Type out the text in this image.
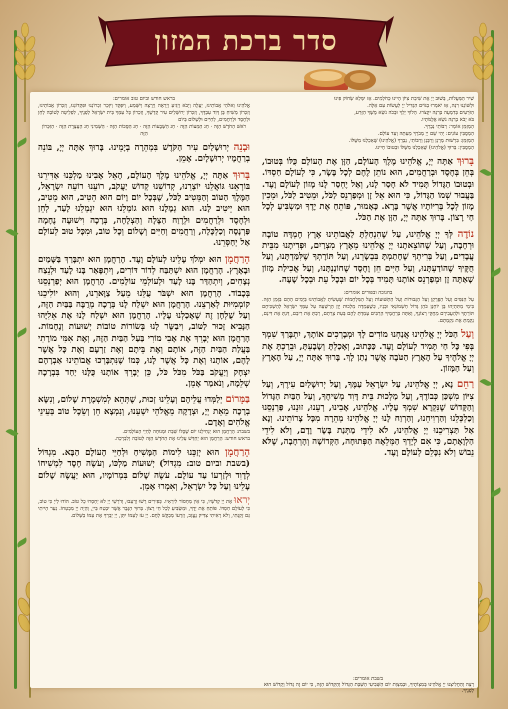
סדר ברכת המזון
שִׁיר הַמַּעֲלוֹת, בְּשׁוּב יְיָ אֶת שִׁיבַת צִיּוֹן הָיִינוּ כְּחֹלְמִים. אָז יִמָּלֵא שְׂחוֹק פִּינוּ
וּלְשׁוֹנֵנוּ רִנָּה, אָז יֹאמְרוּ בַגּוֹיִם הִגְדִּיל יְיָ לַעֲשׂוֹת עִם אֵלֶּה.
הַזֹּרְעִים בְּדִמְעָה בְּרִנָּה יִקְצֹרוּ. הָלוֹךְ יֵלֵךְ וּבָכֹה נֹשֵׂא מֶשֶׁךְ הַזָּרַע,
בֹּא יָבֹא בְרִנָּה נֹשֵׂא אֲלֻמֹּתָיו.
הַמְזַמֵּן אוֹמֵר: רַבּוֹתַי נְבָרֵךְ.
הַמְסֻבִּין עוֹנִים: יְהִי שֵׁם יְיָ מְבֹרָךְ מֵעַתָּה וְעַד עוֹלָם.
הַמְזַמֵּן: בִּרְשׁוּת מָרָנָן וְרַבָּנָן וְרַבּוֹתַי, נְבָרֵךְ (אֱלֹהֵינוּ) שֶׁאָכַלְנוּ מִשֶּׁלּוֹ.
הַמְסֻבִּין: בָּרוּךְ (אֱלֹהֵינוּ) שֶׁאָכַלְנוּ מִשֶּׁלּוֹ וּבְטוּבוֹ חָיִינוּ.
בָּרוּךְ אַתָּה יְיָ, אֱלֹהֵינוּ מֶלֶךְ הָעוֹלָם, הַזָּן אֶת הָעוֹלָם כֻּלּוֹ בְּטוּבוֹ, בְּחֵן בְּחֶסֶד וּבְרַחֲמִים, הוּא נוֹתֵן לֶחֶם לְכָל בָּשָׂר, כִּי לְעוֹלָם חַסְדּוֹ. וּבְטוּבוֹ הַגָּדוֹל תָּמִיד לֹא חָסַר לָנוּ, וְאַל יֶחְסַר לָנוּ מָזוֹן לְעוֹלָם וָעֶד. בַּעֲבוּר שְׁמוֹ הַגָּדוֹל, כִּי הוּא אֵל זָן וּמְפַרְנֵס לַכֹּל, וּמֵטִיב לַכֹּל, וּמֵכִין מָזוֹן לְכָל בְּרִיּוֹתָיו אֲשֶׁר בָּרָא. כָּאָמוּר, פּוֹתֵחַ אֶת יָדֶךָ וּמַשְׂבִּיעַ לְכָל חַי רָצוֹן. בָּרוּךְ אַתָּה יְיָ, הַזָּן אֶת הַכֹּל.
נוֹדֶה לְּךָ יְיָ אֱלֹהֵינוּ, עַל שֶׁהִנְחַלְתָּ לַאֲבוֹתֵינוּ אֶרֶץ חֶמְדָּה טוֹבָה וּרְחָבָה, וְעַל שֶׁהוֹצֵאתָנוּ יְיָ אֱלֹהֵינוּ מֵאֶרֶץ מִצְרַיִם, וּפְדִיתָנוּ מִבֵּית עֲבָדִים, וְעַל בְּרִיתְךָ שֶׁחָתַמְתָּ בִּבְשָׂרֵנוּ, וְעַל תּוֹרָתְךָ שֶׁלִּמַּדְתָּנוּ, וְעַל חֻקֶּיךָ שֶׁהוֹדַעְתָּנוּ, וְעַל חַיִּים חֵן וָחֶסֶד שֶׁחוֹנַנְתָּנוּ, וְעַל אֲכִילַת מָזוֹן שָׁאַתָּה זָן וּמְפַרְנֵס אוֹתָנוּ תָּמִיד בְּכָל יוֹם וּבְכָל עֵת וּבְכָל שָׁעָה.
בחנוכה ובפורים אומרים:
עַל הַנִּסִּים וְעַל הַפֻּרְקָן וְעַל הַגְּבוּרוֹת וְעַל הַתְּשׁוּעוֹת וְעַל הַמִּלְחָמוֹת שֶׁעָשִׂיתָ לַאֲבוֹתֵינוּ בַּיָּמִים הָהֵם בַּזְּמַן הַזֶּה. בִּימֵי מַתִּתְיָהוּ בֶּן יוֹחָנָן כֹּהֵן גָּדוֹל חַשְׁמוֹנָאִי וּבָנָיו, כְּשֶׁעָמְדָה מַלְכוּת יָוָן הָרְשָׁעָה עַל עַמְּךָ יִשְׂרָאֵל לְהַשְׁכִּיחָם תּוֹרָתֶךָ וּלְהַעֲבִירָם מֵחֻקֵּי רְצוֹנֶךָ, וְאַתָּה בְּרַחֲמֶיךָ הָרַבִּים עָמַדְתָּ לָהֶם בְּעֵת צָרָתָם, רַבְתָּ אֶת רִיבָם, דַּנְתָּ אֶת דִּינָם, נָקַמְתָּ אֶת נִקְמָתָם.
וְעַל הַכֹּל יְיָ אֱלֹהֵינוּ אֲנַחְנוּ מוֹדִים לָךְ וּמְבָרְכִים אוֹתָךְ, יִתְבָּרַךְ שִׁמְךָ בְּפִי כָּל חַי תָּמִיד לְעוֹלָם וָעֶד. כַּכָּתוּב, וְאָכַלְתָּ וְשָׂבָעְתָּ, וּבֵרַכְתָּ אֶת יְיָ אֱלֹהֶיךָ עַל הָאָרֶץ הַטֹּבָה אֲשֶׁר נָתַן לָךְ. בָּרוּךְ אַתָּה יְיָ, עַל הָאָרֶץ וְעַל הַמָּזוֹן.
רַחֵם נָא, יְיָ אֱלֹהֵינוּ, עַל יִשְׂרָאֵל עַמֶּךָ, וְעַל יְרוּשָׁלַיִם עִירֶךָ, וְעַל צִיּוֹן מִשְׁכַּן כְּבוֹדֶךָ, וְעַל מַלְכוּת בֵּית דָּוִד מְשִׁיחֶךָ, וְעַל הַבַּיִת הַגָּדוֹל וְהַקָּדוֹשׁ שֶׁנִּקְרָא שִׁמְךָ עָלָיו. אֱלֹהֵינוּ, אָבִינוּ, רְעֵנוּ, זוּנֵנוּ, פַּרְנְסֵנוּ וְכַלְכְּלֵנוּ וְהַרְוִיחֵנוּ, וְהַרְוַח לָנוּ יְיָ אֱלֹהֵינוּ מְהֵרָה מִכָּל צָרוֹתֵינוּ. וְנָא אַל תַּצְרִיכֵנוּ יְיָ אֱלֹהֵינוּ, לֹא לִידֵי מַתְּנַת בָּשָׂר וָדָם, וְלֹא לִידֵי הַלְוָאָתָם, כִּי אִם לְיָדְךָ הַמְּלֵאָה הַפְּתוּחָה, הַקְּדוֹשָׁה וְהָרְחָבָה, שֶׁלֹּא נֵבוֹשׁ וְלֹא נִכָּלֵם לְעוֹלָם וָעֶד.
בשבת אומרים:
רְצֵה וְהַחֲלִיצֵנוּ יְיָ אֱלֹהֵינוּ בְּמִצְוֹתֶיךָ, וּבְמִצְוַת יוֹם הַשְּׁבִיעִי הַשַּׁבָּת הַגָּדוֹל וְהַקָּדוֹשׁ הַזֶּה, כִּי יוֹם זֶה גָּדוֹל וְקָדוֹשׁ הוּא לְפָנֶיךָ.
בראש חודש וביום טוב אומרים:
אֱלֹהֵינוּ וֵאלֹהֵי אֲבוֹתֵינוּ, יַעֲלֶה וְיָבֹא וְיַגִּיעַ וְיֵרָאֶה וְיֵרָצֶה וְיִשָּׁמַע, וְיִפָּקֵד וְיִזָּכֵר זִכְרוֹנֵנוּ וּפִקְדוֹנֵנוּ, וְזִכְרוֹן אֲבוֹתֵינוּ, וְזִכְרוֹן מָשִׁיחַ בֶּן דָּוִד עַבְדֶּךָ, וְזִכְרוֹן יְרוּשָׁלַיִם עִיר קָדְשֶׁךָ, וְזִכְרוֹן כָּל עַמְּךָ בֵּית יִשְׂרָאֵל לְפָנֶיךָ, לִפְלֵיטָה לְטוֹבָה לְחֵן וּלְחֶסֶד וּלְרַחֲמִים, לְחַיִּים וּלְשָׁלוֹם בְּיוֹם
רֹאשׁ הַחֹדֶשׁ הַזֶּה · חַג הַמַּצּוֹת הַזֶּה · חַג הַשָּׁבֻעוֹת הַזֶּה · חַג הַסֻּכּוֹת הַזֶּה · הַשְּׁמִינִי חַג הָעֲצֶרֶת הַזֶּה · הַזִּכָּרוֹן הַזֶּה
וּבְנֵה יְרוּשָׁלַיִם עִיר הַקֹּדֶשׁ בִּמְהֵרָה בְיָמֵינוּ. בָּרוּךְ אַתָּה יְיָ, בּוֹנֵה בְרַחֲמָיו יְרוּשָׁלָיִם. אָמֵן.
בָּרוּךְ אַתָּה יְיָ, אֱלֹהֵינוּ מֶלֶךְ הָעוֹלָם, הָאֵל אָבִינוּ מַלְכֵּנוּ אַדִּירֵנוּ בּוֹרְאֵנוּ גּוֹאֲלֵנוּ יוֹצְרֵנוּ, קְדוֹשֵׁנוּ קְדוֹשׁ יַעֲקֹב, רוֹעֵנוּ רוֹעֵה יִשְׂרָאֵל, הַמֶּלֶךְ הַטּוֹב וְהַמֵּטִיב לַכֹּל, שֶׁבְּכָל יוֹם וָיוֹם הוּא הֵטִיב, הוּא מֵטִיב, הוּא יֵיטִיב לָנוּ. הוּא גְמָלָנוּ הוּא גוֹמְלֵנוּ הוּא יִגְמְלֵנוּ לָעַד, לְחֵן וּלְחֶסֶד וּלְרַחֲמִים וּלְרֶוַח הַצָּלָה וְהַצְלָחָה, בְּרָכָה וִישׁוּעָה נֶחָמָה פַּרְנָסָה וְכַלְכָּלָה, וְרַחֲמִים וְחַיִּים וְשָׁלוֹם וְכָל טוֹב, וּמִכָּל טוּב לְעוֹלָם אַל יְחַסְּרֵנוּ.
הָרַחֲמָן הוּא יִמְלֹךְ עָלֵינוּ לְעוֹלָם וָעֶד. הָרַחֲמָן הוּא יִתְבָּרַךְ בַּשָּׁמַיִם וּבָאָרֶץ. הָרַחֲמָן הוּא יִשְׁתַּבַּח לְדוֹר דּוֹרִים, וְיִתְפָּאַר בָּנוּ לָעַד וּלְנֵצַח נְצָחִים, וְיִתְהַדַּר בָּנוּ לָעַד וּלְעוֹלְמֵי עוֹלָמִים. הָרַחֲמָן הוּא יְפַרְנְסֵנוּ בְּכָבוֹד. הָרַחֲמָן הוּא יִשְׁבֹּר עֻלֵּנוּ מֵעַל צַוָּארֵנוּ, וְהוּא יוֹלִיכֵנוּ קוֹמְמִיּוּת לְאַרְצֵנוּ. הָרַחֲמָן הוּא יִשְׁלַח לָנוּ בְּרָכָה מְרֻבָּה בַּבַּיִת הַזֶּה, וְעַל שֻׁלְחָן זֶה שֶׁאָכַלְנוּ עָלָיו. הָרַחֲמָן הוּא יִשְׁלַח לָנוּ אֶת אֵלִיָּהוּ הַנָּבִיא זָכוּר לַטּוֹב, וִיבַשֶּׂר לָנוּ בְּשׂוֹרוֹת טוֹבוֹת יְשׁוּעוֹת וְנֶחָמוֹת. הָרַחֲמָן הוּא יְבָרֵךְ אֶת אָבִי מוֹרִי בַּעַל הַבַּיִת הַזֶּה, וְאֶת אִמִּי מוֹרָתִי בַּעֲלַת הַבַּיִת הַזֶּה, אוֹתָם וְאֶת בֵּיתָם וְאֶת זַרְעָם וְאֶת כָּל אֲשֶׁר לָהֶם, אוֹתָנוּ וְאֶת כָּל אֲשֶׁר לָנוּ, כְּמוֹ שֶׁנִּתְבָּרְכוּ אֲבוֹתֵינוּ אַבְרָהָם יִצְחָק וְיַעֲקֹב בַּכֹּל מִכֹּל כֹּל, כֵּן יְבָרֵךְ אוֹתָנוּ כֻּלָּנוּ יַחַד בִּבְרָכָה שְׁלֵמָה, וְנֹאמַר אָמֵן.
בַּמָּרוֹם יְלַמְּדוּ עֲלֵיהֶם וְעָלֵינוּ זְכוּת, שֶׁתְּהֵא לְמִשְׁמֶרֶת שָׁלוֹם, וְנִשָּׂא בְרָכָה מֵאֵת יְיָ, וּצְדָקָה מֵאֱלֹהֵי יִשְׁעֵנוּ, וְנִמְצָא חֵן וְשֵׂכֶל טוֹב בְּעֵינֵי אֱלֹהִים וְאָדָם.
בשבת: הָרַחֲמָן הוּא יַנְחִילֵנוּ יוֹם שֶׁכֻּלּוֹ שַׁבָּת וּמְנוּחָה לְחַיֵּי הָעוֹלָמִים.
בראש חודש: הָרַחֲמָן הוּא יְחַדֵּשׁ עָלֵינוּ אֶת הַחֹדֶשׁ הַזֶּה לְטוֹבָה וְלִבְרָכָה.
הָרַחֲמָן הוּא יְזַכֵּנוּ לִימוֹת הַמָּשִׁיחַ וּלְחַיֵּי הָעוֹלָם הַבָּא. מִגְדּוֹל (בשבת וביום טוב: מִגְדּוֹל) יְשׁוּעוֹת מַלְכּוֹ, וְעֹשֶׂה חֶסֶד לִמְשִׁיחוֹ לְדָוִד וּלְזַרְעוֹ עַד עוֹלָם. עֹשֶׂה שָׁלוֹם בִּמְרוֹמָיו, הוּא יַעֲשֶׂה שָׁלוֹם עָלֵינוּ וְעַל כָּל יִשְׂרָאֵל, וְאִמְרוּ אָמֵן.
יְראוּ אֶת יְיָ קְדֹשָׁיו, כִּי אֵין מַחְסוֹר לִירֵאָיו. כְּפִירִים רָשׁוּ וְרָעֵבוּ, וְדֹרְשֵׁי יְיָ לֹא יַחְסְרוּ כָל טוֹב. הוֹדוּ לַייָ כִּי טוֹב, כִּי לְעוֹלָם חַסְדּוֹ. פּוֹתֵחַ אֶת יָדֶךָ, וּמַשְׂבִּיעַ לְכָל חַי רָצוֹן. בָּרוּךְ הַגֶּבֶר אֲשֶׁר יִבְטַח בַּייָ, וְהָיָה יְיָ מִבְטַחוֹ. נַעַר הָיִיתִי גַּם זָקַנְתִּי, וְלֹא רָאִיתִי צַדִּיק נֶעֱזָב, וְזַרְעוֹ מְבַקֶּשׁ לָחֶם. יְיָ עֹז לְעַמּוֹ יִתֵּן, יְיָ יְבָרֵךְ אֶת עַמּוֹ בַשָּׁלוֹם.
